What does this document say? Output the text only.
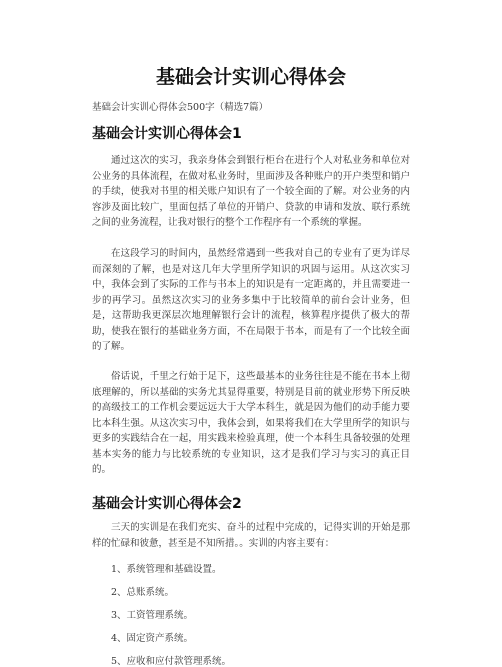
基础会计实训心得体会

基础会计实训心得体会500字（精选7篇）

基础会计实训心得体会1

通过这次的实习，我亲身体会到银行柜台在进行个人对私业务和单位对公业务的具体流程，在做对私业务时，里面涉及各种账户的开户类型和销户的手续，使我对书里的相关账户知识有了一个较全面的了解。对公业务的内容涉及面比较广，里面包括了单位的开销户、贷款的申请和发放、联行系统之间的业务流程，让我对银行的整个工作程序有一个系统的掌握。

在这段学习的时间内，虽然经常遇到一些我对自己的专业有了更为详尽而深刻的了解，也是对这几年大学里所学知识的巩固与运用。从这次实习中，我体会到了实际的工作与书本上的知识是有一定距离的，并且需要进一步的再学习。虽然这次实习的业务多集中于比较简单的前台会计业务，但是，这帮助我更深层次地理解银行会计的流程，核算程序提供了极大的帮助，使我在银行的基础业务方面，不在局限于书本，而是有了一个比较全面的了解。

俗话说，千里之行始于足下，这些最基本的业务往往是不能在书本上彻底理解的，所以基础的实务尤其显得重要，特别是目前的就业形势下所反映的高级技工的工作机会要远远大于大学本科生，就是因为他们的动手能力要比本科生强。从这次实习中，我体会到，如果将我们在大学里所学的知识与更多的实践结合在一起，用实践来检验真理，使一个本科生具备较强的处理基本实务的能力与比较系统的专业知识，这才是我们学习与实习的真正目的。

基础会计实训心得体会2

三天的实训是在我们充实、奋斗的过程中完成的，记得实训的开始是那样的忙碌和彼惫，甚至是不知所措。。实训的内容主要有：

1、系统管理和基础设置。

2、总账系统。

3、工资管理系统。

4、固定资产系统。

5、应收和应付款管理系统。
